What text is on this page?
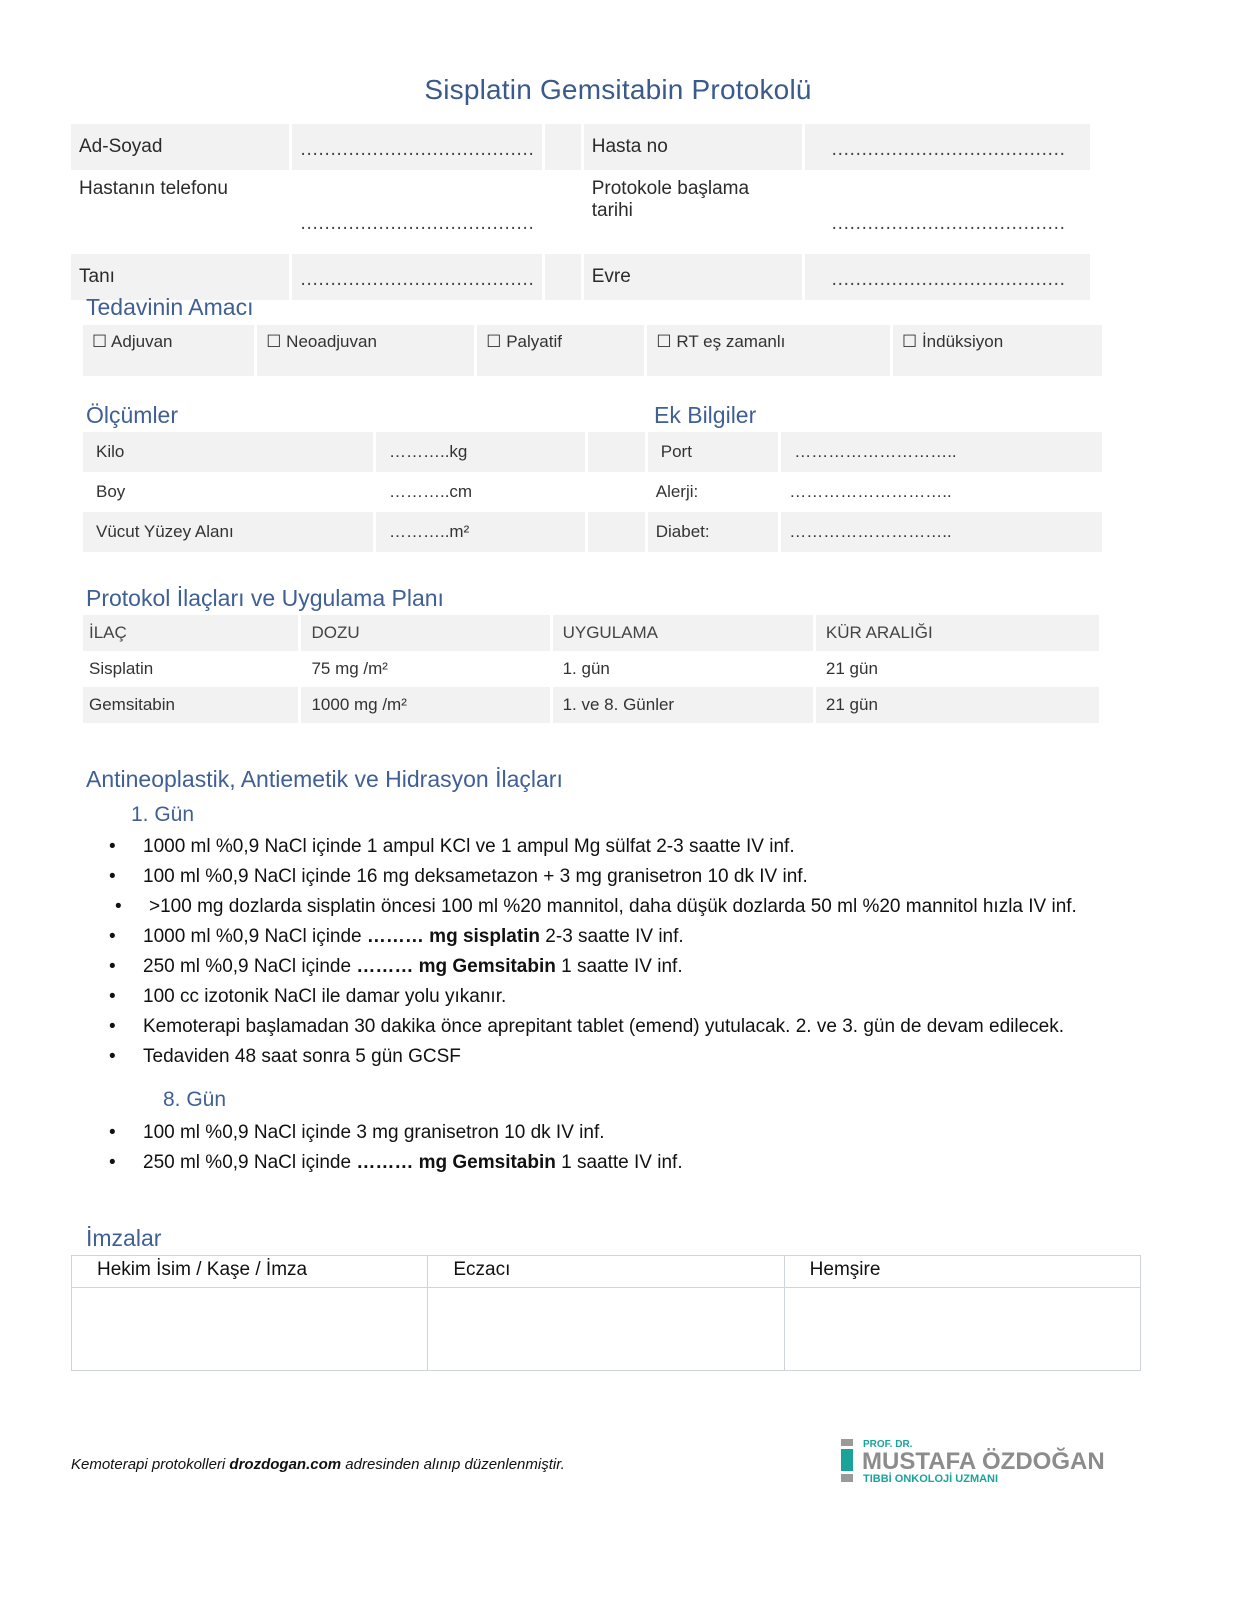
Sisplatin Gemsitabin Protokolü
Ad-Soyad	…………………………………		Hasta no	…………………………………
Hastanın telefonu	…………………………………		Protokole başlama tarihi	…………………………………
Tanı	…………………………………		Evre	…………………………………
Tedavinin Amacı
☐ Adjuvan	☐ Neoadjuvan	☐ Palyatif	☐ RT eş zamanlı	☐ İndüksiyon
Ölçümler	Ek Bilgiler
Kilo	………..kg		Port	………………………..
Boy	………..cm		Alerji:	………………………..
Vücut Yüzey Alanı	………..m²		Diabet:	………………………..
Protokol İlaçları ve Uygulama Planı
İLAÇ	DOZU	UYGULAMA	KÜR ARALIĞI
Sisplatin	75 mg /m²	1. gün	21 gün
Gemsitabin	1000 mg /m²	1. ve 8. Günler	21 gün
Antineoplastik, Antiemetik ve Hidrasyon İlaçları
1. Gün
• 1000 ml %0,9 NaCl içinde 1 ampul KCl ve 1 ampul Mg sülfat 2-3 saatte IV inf.
• 100 ml %0,9 NaCl içinde 16 mg deksametazon + 3 mg granisetron 10 dk IV inf.
• >100 mg dozlarda sisplatin öncesi 100 ml %20 mannitol, daha düşük dozlarda 50 ml %20 mannitol hızla IV inf.
• 1000 ml %0,9 NaCl içinde ……… mg sisplatin 2-3 saatte IV inf.
• 250 ml %0,9 NaCl içinde ……… mg Gemsitabin 1 saatte IV inf.
• 100 cc izotonik NaCl ile damar yolu yıkanır.
• Kemoterapi başlamadan 30 dakika önce aprepitant tablet (emend) yutulacak. 2. ve 3. gün de devam edilecek.
• Tedaviden 48 saat sonra 5 gün GCSF
8. Gün
• 100 ml %0,9 NaCl içinde 3 mg granisetron 10 dk IV inf.
• 250 ml %0,9 NaCl içinde ……… mg Gemsitabin 1 saatte IV inf.
İmzalar
Hekim İsim / Kaşe / İmza	Eczacı	Hemşire

Kemoterapi protokolleri drozdogan.com adresinden alınıp düzenlenmiştir.
PROF. DR.
MUSTAFA ÖZDOĞAN
TIBBİ ONKOLOJİ UZMANI
